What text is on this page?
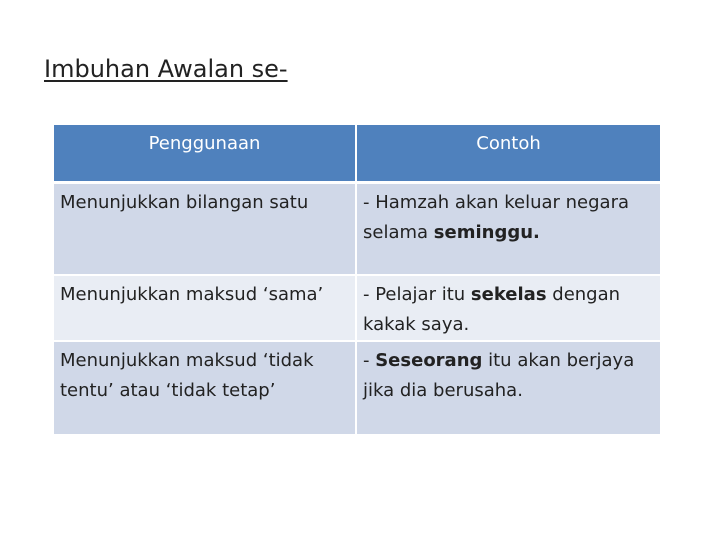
Imbuhan Awalan se-
Penggunaan	Contoh

Menunjukkan bilangan satu	- Hamzah akan keluar negara
selama seminggu.

Menunjukkan maksud ‘sama’	- Pelajar itu sekelas dengan
kakak saya.

Menunjukkan maksud ‘tidak
tentu’ atau ‘tidak tetap’	- Seseorang itu akan berjaya
jika dia berusaha.
